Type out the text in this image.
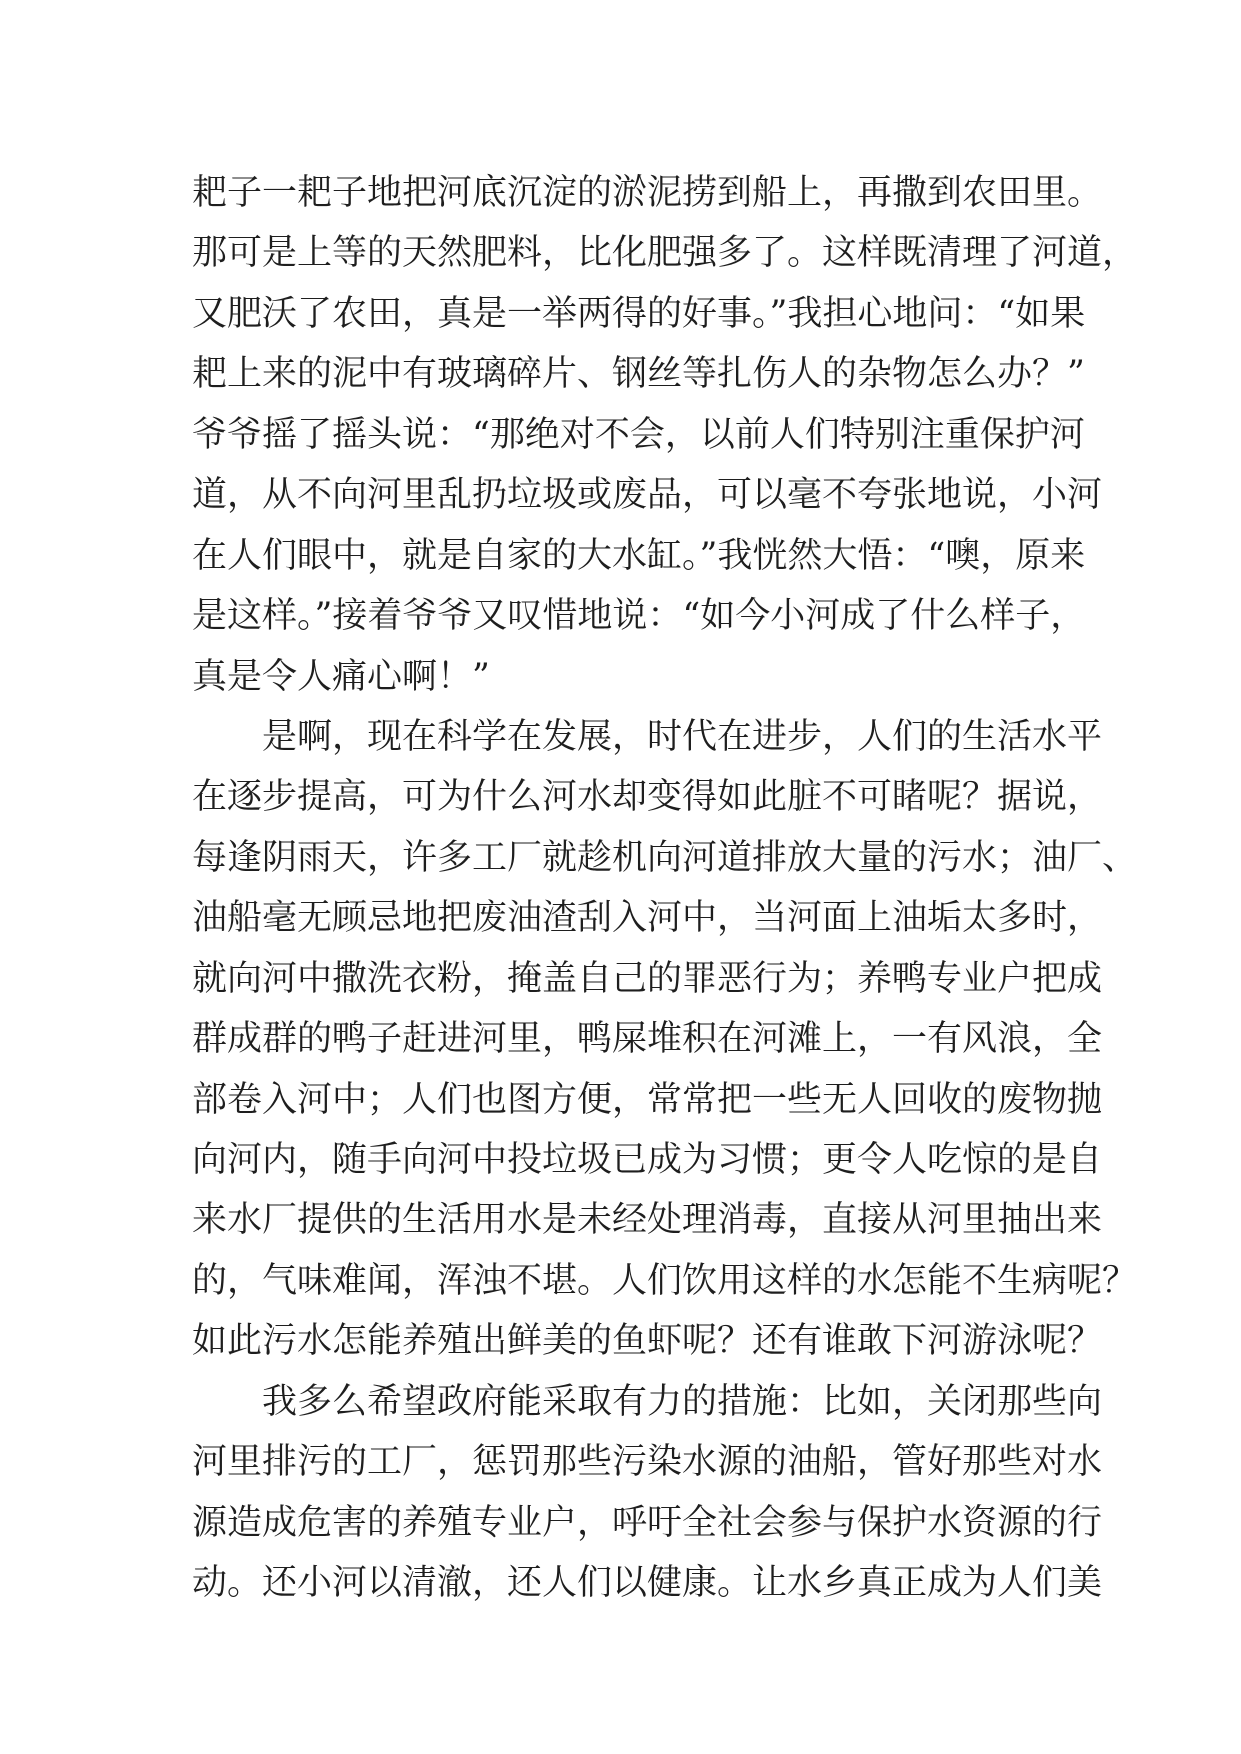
耙子一耙子地把河底沉淀的淤泥捞到船上，再撒到农田里。
那可是上等的天然肥料，比化肥强多了。这样既清理了河道，
又肥沃了农田，真是一举两得的好事。”我担心地问：“如果
耙上来的泥中有玻璃碎片、钢丝等扎伤人的杂物怎么办？”
爷爷摇了摇头说：“那绝对不会，以前人们特别注重保护河
道，从不向河里乱扔垃圾或废品，可以毫不夸张地说，小河
在人们眼中，就是自家的大水缸。”我恍然大悟：“噢，原来
是这样。”接着爷爷又叹惜地说：“如今小河成了什么样子，
真是令人痛心啊！”
是啊，现在科学在发展，时代在进步，人们的生活水平
在逐步提高，可为什么河水却变得如此脏不可睹呢？据说，
每逢阴雨天，许多工厂就趁机向河道排放大量的污水；油厂、
油船毫无顾忌地把废油渣刮入河中，当河面上油垢太多时，
就向河中撒洗衣粉，掩盖自己的罪恶行为；养鸭专业户把成
群成群的鸭子赶进河里，鸭屎堆积在河滩上，一有风浪，全
部卷入河中；人们也图方便，常常把一些无人回收的废物抛
向河内，随手向河中投垃圾已成为习惯；更令人吃惊的是自
来水厂提供的生活用水是未经处理消毒，直接从河里抽出来
的，气味难闻，浑浊不堪。人们饮用这样的水怎能不生病呢？
如此污水怎能养殖出鲜美的鱼虾呢？还有谁敢下河游泳呢？
我多么希望政府能采取有力的措施：比如，关闭那些向
河里排污的工厂，惩罚那些污染水源的油船，管好那些对水
源造成危害的养殖专业户，呼吁全社会参与保护水资源的行
动。还小河以清澈，还人们以健康。让水乡真正成为人们美
